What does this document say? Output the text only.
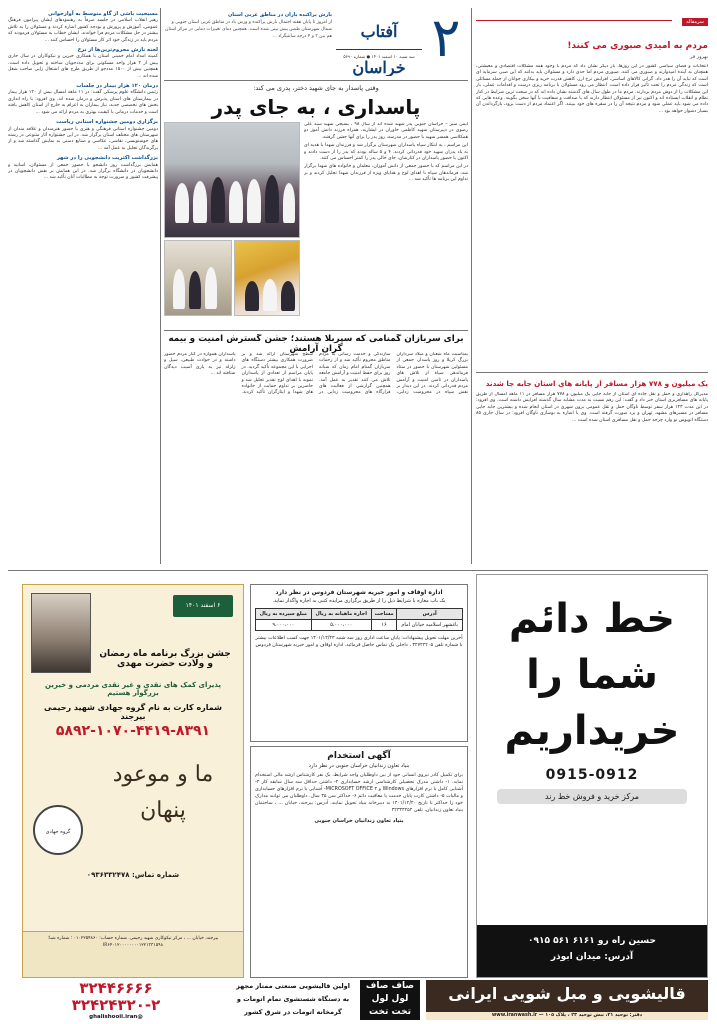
۲
آفتاب خراسان
سه شنبه ۱۰ اسفند ۱۴۰۱ ● شماره ۵۶۹۰
بارش پراکنده باران در مناطق غربی استان
از امروز تا پایان هفته احتمال بارش پراکنده و وزش باد در مناطق غربی استان جنوبی و شمال شهرستان طبس پیش بینی شده است. همچنین دمای تغییرات دمایی در مرکز استان هم بین ۳ و ۴ درجه سانتیگراد ...
وقتی پاسدار به جای شهید دختر، پدری می کند:
پاسداری ، به جای پدر

ایمن سپر – خراسان جنوبی پدر شهید شده اند از سال ۹۸ ، بسیجی شهید سید علی رضوی در دبیرستان شهید کاظمی خاوران در اپشاریه، همراه فرزند دانش آموز دو همکلاسی همسر شهید با حضور در مدرسه، روز پدر را برای آنها جشن گرفتند.

این مراسم ، به ابتکار سپاه پاسداران شهرستان برگزار شد و فرزندان شهدا با هدیه ای به یاد پدران شهید خود قدردانی کردند. ۴ و ۵ ساله بودند که پدر را از دست دادند و اکنون با حضور پاسداران در کنارشان، جای خالی پدر را کمتر احساس می کنند.

در این مراسم که با حضور جمعی از دانش آموزان، معلمان و خانواده های شهدا برگزار شد، فرماندهان سپاه با اهدای لوح و هدایای ویژه از فرزندان شهدا تجلیل کردند و بر تداوم این برنامه ها تأکید شد ...

برای سربازان گمنامی که سپربلا هستند؛ جشن گسترش امنیت و بیمه گران آرامش
بمناسبت ماه شعبان و میلاد سرداران بزرگ کربلا و روز پاسدار، جمعی از مسئولین شهرستان با حضور در ستاد فرماندهی سپاه از تلاش های پاسداران در تامین امنیت و آرامش مردم قدردانی کردند. در این دیدار بر نقش سپاه در محرومیت زدایی، سازندگی و خدمت رسانی به مردم مناطق محروم تأکید شد و از زحمات سربازان گمنام امام زمان که شبانه روز برای حفظ امنیت و آرامش جامعه تلاش می کنند تقدیر به عمل آمد. همچنین گزارشی از فعالیت های قرارگاه های محرومیت زدایی در سطح شهرستان ارائه شد و بر ضرورت همکاری بیشتر دستگاه های اجرایی با این مجموعه تأکید گردید. در پایان مراسم از تعدادی از پاسداران نمونه با اهدای لوح تقدیر تجلیل شد و حاضرین بر تداوم حمایت از خانواده های شهدا و ایثارگران تأکید کردند. پاسداران همواره در کنار مردم حضور داشته و در حوادث طبیعی، سیل و زلزله نیز به یاری آسیب دیدگان شتافته اند ...
سرمقاله
مردم به امیدی صبوری می کنند!
بهروز فر
انتخابات و فضای سیاسی کشور در این روزها، بار دیگر نشان داد که مردم با وجود همه مشکلات اقتصادی و معیشتی، همچنان به آینده امیدوارند و صبوری می کنند. صبوری مردم اما حدی دارد و مسئولان باید بدانند که این صبر، سرمایه ای است که نباید آن را هدر داد. گرانی کالاهای اساسی، افزایش نرخ ارز، کاهش قدرت خرید و بیکاری جوانان از جمله مسائلی است که زندگی مردم را تحت تأثیر قرار داده است. انتظار می رود مسئولان با برنامه ریزی درست و اقدامات عملی، بار این مشکلات را از دوش مردم بردارند. مردم ما در طول سال های گذشته نشان داده اند که در سخت ترین شرایط در کنار نظام و انقلاب ایستاده اند و اکنون نیز از مسئولان انتظار دارند که با صداقت و شفافیت با آنها سخن بگویند. وعده هایی که داده می شود باید عملی شود و مردم نتیجه آن را در سفره های خود ببینند. اگر اعتماد مردم از دست برود، بازگرداندن آن بسیار دشوار خواهد بود ...
یک میلیون و ۷۷۸ هزار مسافر از پایانه های استان جابه جا شدند
مدیرکل راهداری و حمل و نقل جاده ای استان از جابه جایی یک میلیون و ۷۷۸ هزار مسافر در ۱۱ ماهه امسال از طریق پایانه های مسافربری استان خبر داد و گفت: این رقم نسبت به مدت مشابه سال گذشته افزایش داشته است. وی افزود: در این مدت ۱۲۳ هزار سفر توسط ناوگان حمل و نقل عمومی برون شهری در استان انجام شده و بیشترین جابه جایی مسافر در مسیرهای مشهد، تهران و یزد صورت گرفته است. وی با اشاره به نوسازی ناوگان افزود: در سال جاری ۸۵ دستگاه اتوبوس نو وارد چرخه حمل و نقل مسافری استان شده است ...
مسیحیت باشی از گاو متوسط به آوازخوانی

رهبر انقلاب اسلامی در جلسه صرفاً به رهنمودهای ایشان پیرامون فرهنگ عمومی، آموزش و پرورش و بودجه کشور اشاره کردند و مسئولان را به تلاش بیشتر در حل مشکلات مردم فرا خواندند. ایشان خطاب به مسئولان فرمودند که مردم باید در زندگی خود اثر کار مسئولان را احساس کنند ...

لجنه نازش محروم‌ترین‌ها از نرخ

کمیته امداد امام خمینی استان با همکاری خیرین و نیکوکاران در سال جاری بیش از ۲ هزار واحد مسکونی برای مددجویان ساخته و تحویل داده است. همچنین بیش از ۱۵۰۰ مددجو از طریق طرح های اشتغال زایی صاحب شغل شده اند ...

درمان ۱۲۰ هزار بیمار در جلسات

رئیس دانشگاه علوم پزشکی گفت: در ۱۱ ماهه امسال بیش از ۱۲۰ هزار بیمار در بیمارستان های استان پذیرش و درمان شده اند. وی افزود: با راه اندازی بخش های تخصصی جدید، نیاز بیماران به اعزام به خارج از استان کاهش یافته است و خدمات درمانی با کیفیت بهتری به مردم ارائه می شود ...

برگزاری دومین جشنواره استانی ریاست

دومین جشنواره استانی فرهنگی و هنری با حضور هنرمندان و علاقه مندان از شهرستان های مختلف استان برگزار شد. در این جشنواره آثار متنوعی در رشته های خوشنویسی، نقاشی، عکاسی و صنایع دستی به نمایش گذاشته شد و از برگزیدگان تجلیل به عمل آمد ...

بزرگداشت اکثریت دانشجویی را در شهر

همایش بزرگداشت روز دانشجو با حضور جمعی از مسئولان، اساتید و دانشجویان در دانشگاه برگزار شد. در این همایش بر نقش دانشجویان در پیشرفت کشور و ضرورت توجه به مطالبات آنان تأکید شد ...

خط دائم شما را خریداریم
0915-0912
مرکز خرید و فروش خط رند
حسین راه رو ۶۱۶۱ ۵۶۱ ۰۹۱۵
آدرس: میدان ابوذر
اداره اوقاف و امور خیریه شهرستان فردوس در نظر دارد
یک باب مغازه با شرایط ذیل را از طریق برگزاری مزایده کتبی به اجاره واگذار نماید.
آدرس	مساحت	اجاره ماهیانه به ریال	مبلغ سپرده به ریال
باغشهر اسلامیه خیابان امام	۱۶	۵،۰۰۰،۰۰۰	۹،۰۰۰،۰۰۰
آخرین مهلت تحویل پیشنهادات: پایان ساعت اداری روز سه شنبه ۱۴۰۱/۱۲/۲۳ جهت کسب اطلاعات بیشتر با شماره تلفن ۳۲۷۲۲۲۰۵ ، داخلی یک تماس حاصل فرمائید. اداره اوقاف و امور خیریه شهرستان فردوس
آگهی استخدام
بنیاد تعاون زندانیان خراسان جنوبی در نظر دارد
برای تکمیل کادر نیروی انسانی خود از بین داوطلبان واجد شرایط، یک نفر کارشناس ارشد مالی استخدام نماید. ۱- داشتن مدرک تحصیلی کارشناسی ارشد حسابداری ۲- داشتن حداقل سه سال سابقه کار ۳- آشنایی کامل با نرم افزارهای Windows و MICROSOFT OFFICE ۴- آشنایی با نرم افزارهای حسابداری و مالیات ۵- داشتن کارت پایان خدمت یا معافیت دائم ۶- حداکثر سن ۳۵ سال. داوطلبان می توانند مدارک خود را حداکثر تا تاریخ ۱۴۰۱/۱۲/۲۰ به دبیرخانه بنیاد تحویل نمایند. آدرس: بیرجند، خیابان ... ، ساختمان بنیاد تعاون زندانیان، تلفن ۳۲۳۳۴۴۵۲
بنیاد تعاون زندانیان خراسان جنوبی
۶ اسفند ۱۴۰۱
جشن بزرگ برنامه ماه رمضان و ولادت حضرت مهدی
پذیرای کمک های نقدی و غیر نقدی مردمی و خیرین بزرگوار هستیم
شماره کارت به نام گروه جهادی شهید رحیمی بیرجند
۵۸۹۲-۱۰۷۰-۴۴۱۹-۸۳۹۱
ما و موعود پنهان
گروه جهادی
شماره تماس: ۰۹۳۶۳۳۲۴۷۸
بیرجند، خیابان ... ، مرکز نیکوکاری شهید رحیمی. شماره حساب: ۰۱۰۲۲۵۴۸۶۰ ؛ شماره شبا: IR۶۴۰۱۲۰۰۰۰۰۰۰۰۱۲۲۱۳۳۱۵۹۸
قالیشویی و مبل شویی ایرانی
دفتر: توحید ۲۱، نبش توحید ۲۳ ، پلاک ۱۰۵ — www.iranwash.ir
صاف صاف
لول لول
تخت تخت
اولین قالیشویی صنعتی ممتاز مجهز به دستگاه شستشوی تمام اتومات و گرمخانه اتومات در شرق کشور
۳۲۴۴۶۶۶۶
۳۲۴۲۴۳۲۰-۲
@ghalishooii.iran
